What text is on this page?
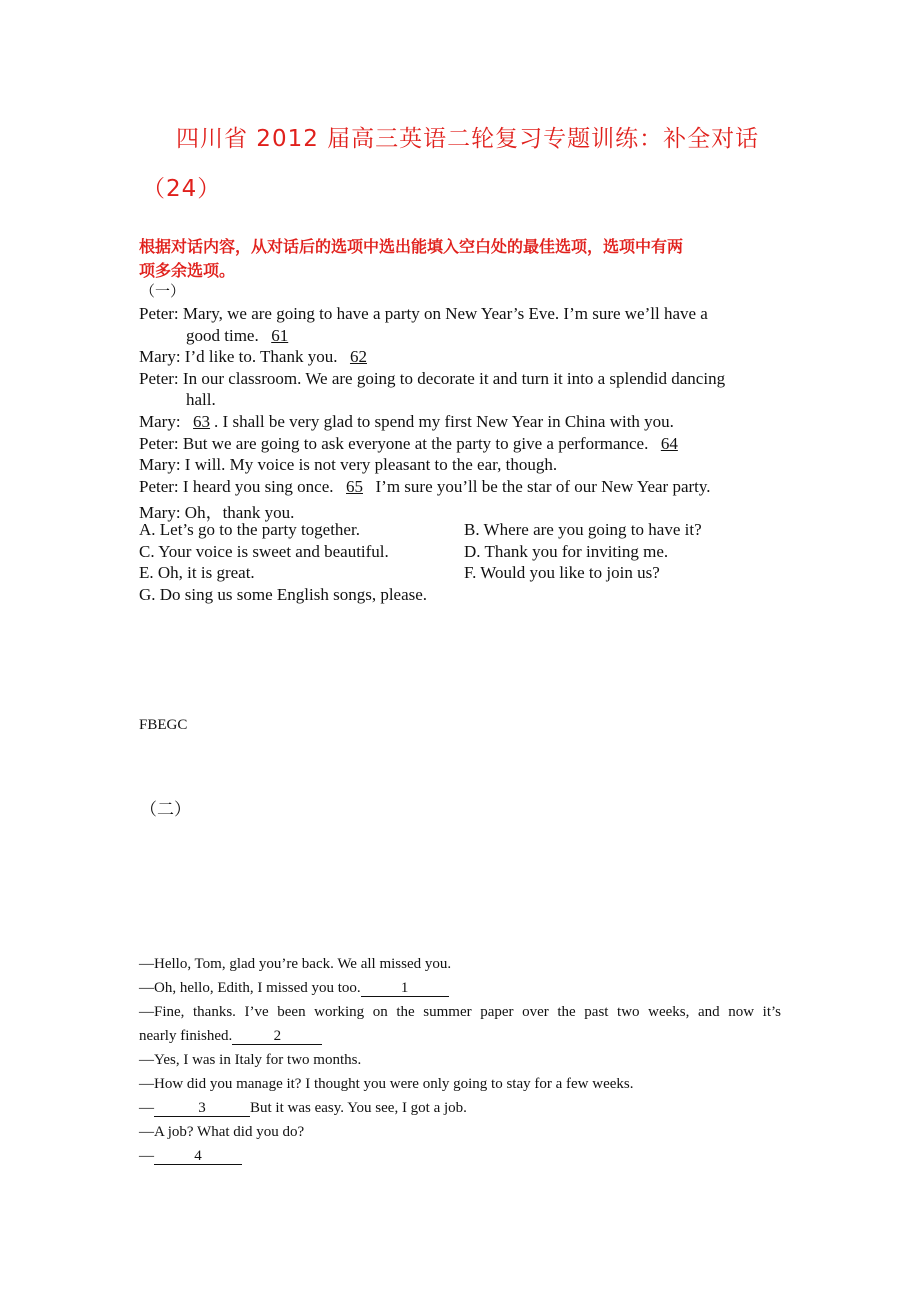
四川省 2012 届高三英语二轮复习专题训练：补全对话
（24）
根据对话内容，从对话后的选项中选出能填入空白处的最佳选项，选项中有两
项多余选项。
（一）
Peter: Mary, we are going to have a party on New Year’s Eve. I’m sure we’ll have a
good time. 61
Mary: I’d like to. Thank you. 62
Peter: In our classroom. We are going to decorate it and turn it into a splendid dancing
hall.
Mary: 63 . I shall be very glad to spend my first New Year in China with you.
Peter: But we are going to ask everyone at the party to give a performance. 64
Mary: I will. My voice is not very pleasant to the ear, though.
Peter: I heard you sing once. 65 I’m sure you’ll be the star of our New Year party.
Mary: Oh，thank you.
A. Let’s go to the party together.	B. Where are you going to have it?
C. Your voice is sweet and beautiful.	D. Thank you for inviting me.
E. Oh, it is great.	F. Would you like to join us?
G. Do sing us some English songs, please.
FBEGC
（二）
—Hello, Tom, glad you’re back. We all missed you.
—Oh, hello, Edith, I missed you too.	1
—Fine, thanks. I’ve been working on the summer paper over the past two weeks, and now it’s
nearly finished.	2
—Yes, I was in Italy for two months.
—How did you manage it? I thought you were only going to stay for a few weeks.
—	3	But it was easy. You see, I got a job.
—A job? What did you do?
—	4
